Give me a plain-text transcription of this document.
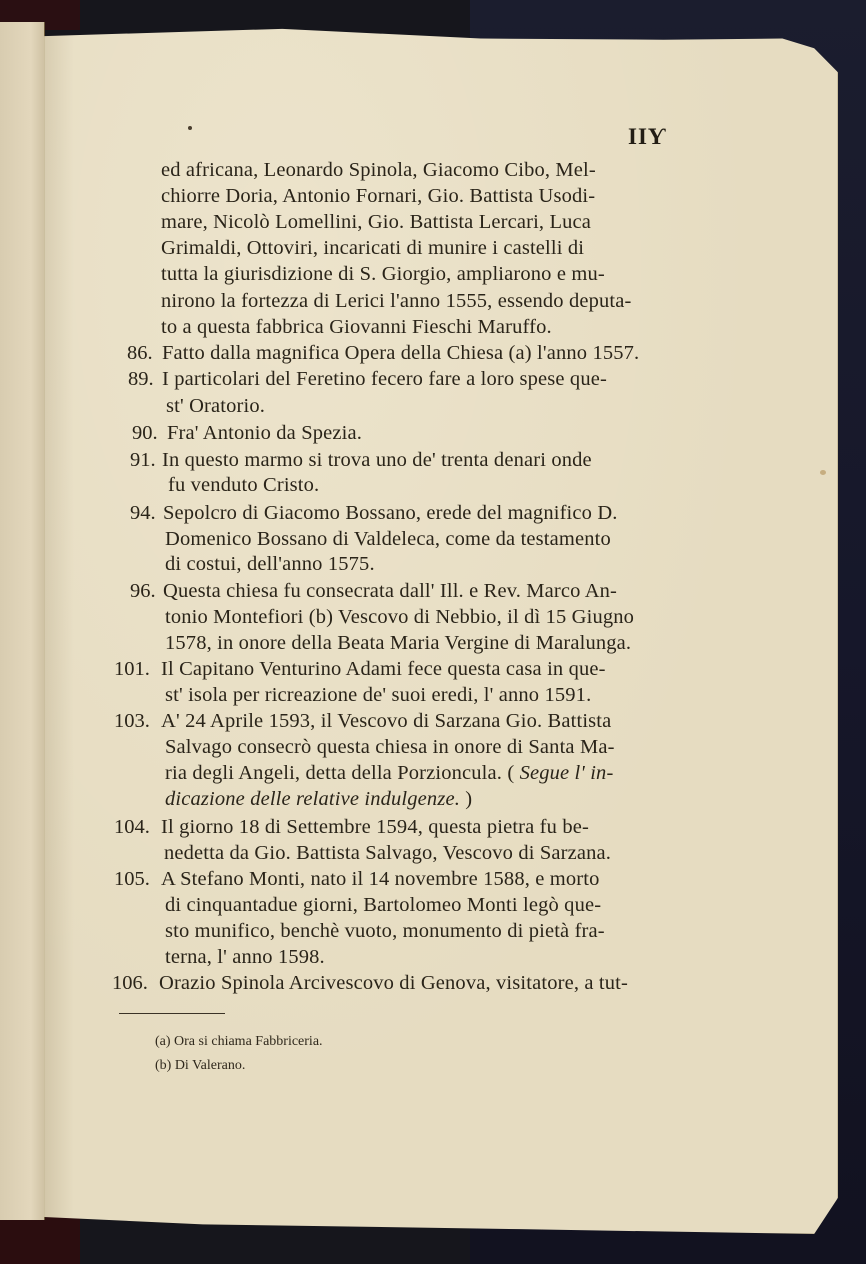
IIƳ
ed africana, Leonardo Spinola, Giacomo Cibo, Mel-
chiorre Doria, Antonio Fornari, Gio. Battista Usodi-
mare, Nicolò Lomellini, Gio. Battista Lercari, Luca
Grimaldi, Ottoviri, incaricati di munire i castelli di
tutta la giurisdizione di S. Giorgio, ampliarono e mu-
nirono la fortezza di Lerici l'anno 1555, essendo deputa-
to a questa fabbrica Giovanni Fieschi Maruffo.
86. Fatto dalla magnifica Opera della Chiesa (a) l'anno 1557.
89. I particolari del Feretino fecero fare a loro spese que-
st' Oratorio.
90. Fra' Antonio da Spezia.
91. In questo marmo si trova uno de' trenta denari onde
fu venduto Cristo.
94. Sepolcro di Giacomo Bossano, erede del magnifico D.
Domenico Bossano di Valdeleca, come da testamento
di costui, dell'anno 1575.
96. Questa chiesa fu consecrata dall' Ill. e Rev. Marco An-
tonio Montefiori (b) Vescovo di Nebbio, il dì 15 Giugno
1578, in onore della Beata Maria Vergine di Maralunga.
101. Il Capitano Venturino Adami fece questa casa in que-
st' isola per ricreazione de' suoi eredi, l' anno 1591.
103. A' 24 Aprile 1593, il Vescovo di Sarzana Gio. Battista
Salvago consecrò questa chiesa in onore di Santa Ma-
ria degli Angeli, detta della Porzioncula. ( Segue l' in-
dicazione delle relative indulgenze. )
104. Il giorno 18 di Settembre 1594, questa pietra fu be-
nedetta da Gio. Battista Salvago, Vescovo di Sarzana.
105. A Stefano Monti, nato il 14 novembre 1588, e morto
di cinquantadue giorni, Bartolomeo Monti legò que-
sto munifico, benchè vuoto, monumento di pietà fra-
terna, l' anno 1598.
106. Orazio Spinola Arcivescovo di Genova, visitatore, a tut-
(a) Ora si chiama Fabbriceria.
(b) Di Valerano.
